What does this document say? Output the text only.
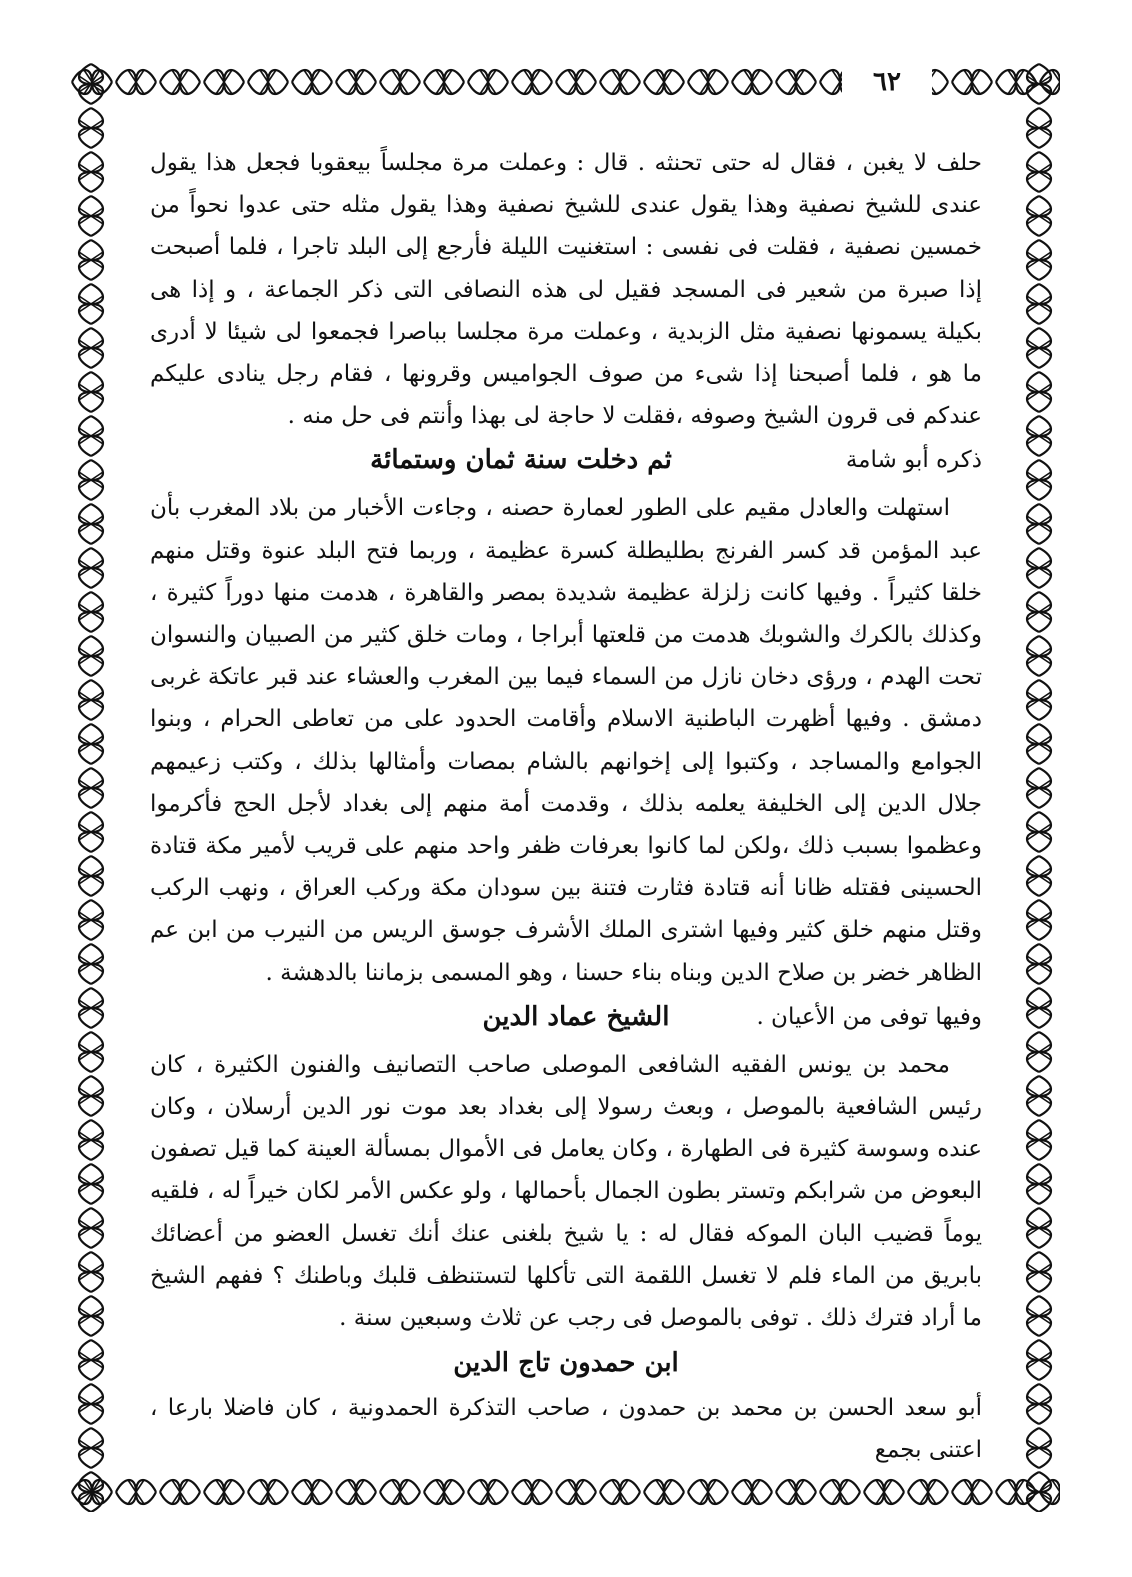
٦٢

حلف لا يغبن ، فقال له حتى تحنثه . قال : وعملت مرة مجلساً بيعقوبا فجعل هذا يقول عندى للشيخ نصفية وهذا يقول عندى للشيخ نصفية وهذا يقول مثله حتى عدوا نحواً من خمسين نصفية ، فقلت فى نفسى : استغنيت الليلة فأرجع إلى البلد تاجرا ، فلما أصبحت إذا صبرة من شعير فى المسجد فقيل لى هذه النصافى التى ذكر الجماعة ، و إذا هى بكيلة يسمونها نصفية مثل الزبدية ، وعملت مرة مجلسا بباصرا فجمعوا لى شيئا لا أدرى ما هو ، فلما أصبحنا إذا شىء من صوف الجواميس وقرونها ، فقام رجل ينادى عليكم عندكم فى قرون الشيخ وصوفه ،فقلت لا حاجة لى بهذا وأنتم فى حل منه .

ذكره أبو شامة
ثم دخلت سنة ثمان وستمائة

استهلت والعادل مقيم على الطور لعمارة حصنه ، وجاءت الأخبار من بلاد المغرب بأن عبد المؤمن قد كسر الفرنج بطليطلة كسرة عظيمة ، وربما فتح البلد عنوة وقتل منهم خلقا كثيراً . وفيها كانت زلزلة عظيمة شديدة بمصر والقاهرة ، هدمت منها دوراً كثيرة ، وكذلك بالكرك والشوبك هدمت من قلعتها أبراجا ، ومات خلق كثير من الصبيان والنسوان تحت الهدم ، ورؤى دخان نازل من السماء فيما بين المغرب والعشاء عند قبر عاتكة غربى دمشق . وفيها أظهرت الباطنية الاسلام وأقامت الحدود على من تعاطى الحرام ، وبنوا الجوامع والمساجد ، وكتبوا إلى إخوانهم بالشام بمصات وأمثالها بذلك ، وكتب زعيمهم جلال الدين إلى الخليفة يعلمه بذلك ، وقدمت أمة منهم إلى بغداد لأجل الحج فأكرموا وعظموا بسبب ذلك ،ولكن لما كانوا بعرفات ظفر واحد منهم على قريب لأمير مكة قتادة الحسينى فقتله ظانا أنه قتادة فثارت فتنة بين سودان مكة وركب العراق ، ونهب الركب وقتل منهم خلق كثير وفيها اشترى الملك الأشرف جوسق الريس من النيرب من ابن عم الظاهر خضر بن صلاح الدين وبناه بناء حسنا ، وهو المسمى بزماننا بالدهشة .

وفيها توفى من الأعيان .
الشيخ عماد الدين

محمد بن يونس الفقيه الشافعى الموصلى صاحب التصانيف والفنون الكثيرة ، كان رئيس الشافعية بالموصل ، وبعث رسولا إلى بغداد بعد موت نور الدين أرسلان ، وكان عنده وسوسة كثيرة فى الطهارة ، وكان يعامل فى الأموال بمسألة العينة كما قيل تصفون البعوض من شرابكم وتستر بطون الجمال بأحمالها ، ولو عكس الأمر لكان خيراً له ، فلقيه يوماً قضيب البان الموكه فقال له : يا شيخ بلغنى عنك أنك تغسل العضو من أعضائك بابريق من الماء فلم لا تغسل اللقمة التى تأكلها لتستنظف قلبك وباطنك ؟ ففهم الشيخ ما أراد فترك ذلك . توفى بالموصل فى رجب عن ثلاث وسبعين سنة .

ابن حمدون تاج الدين

أبو سعد الحسن بن محمد بن حمدون ، صاحب التذكرة الحمدونية ، كان فاضلا بارعا ، اعتنى بجمع
